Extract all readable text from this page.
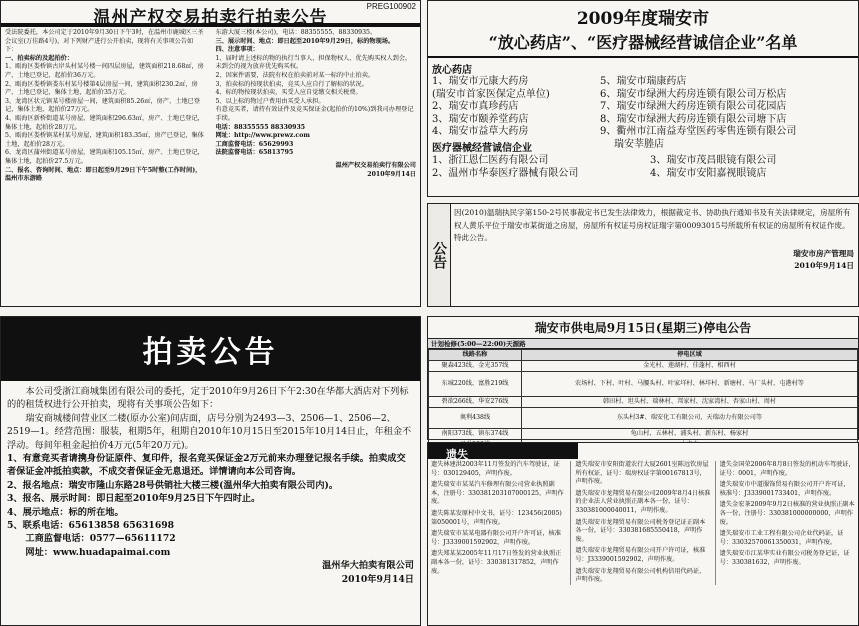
PREG100902
温州产权交易拍卖行拍卖公告
受法院委托，本公司定于2010年9月30日下午3时，在温州市鹿城区三圣会议室(万佳路4号)，对下列财产进行公开拍卖，现将有关事项公告如下：
一、拍卖标的及起拍价：
1、瓯海区娄桥镇古岸头村某号楼一间四层房屋，建筑面积218.68㎡，房产、土地已登记，起拍价36万元。
2、瓯海区娄桥镇娄东村某号楼第4层房屋一间，建筑面积230.2㎡，房产、土地已登记，集体土地，起拍价35万元。
3、龙湾区状元镇某号楼房屋一间，建筑面积85.26㎡，房产、土地已登记，集体土地，起拍价27万元。
4、瓯海区新桥街道某号房屋，建筑面积296.63㎡，房产、土地已登记，集体土地，起拍价28万元。
5、瓯海区娄桥镇某村某号房屋，建筑面积183.35㎡，房产已登记，集体土地，起拍价28万元。
6、龙湾区蒲州街道某号房屋，建筑面积105.15㎡，房产、土地已登记，集体土地，起拍价27.5万元。
二、报名、咨询时间、地点：即日起至9月29日下午5时整(工作时间)，温州市东游路
东游大厦三楼(本公司)，电话：88355555、88330935。
三、展示时间、地点：即日起至2010年9月29日，标的物现场。
四、注意事项：
1、届时请上述标的物的执行当事人、担保物权人、优先购买权人到会，未到会的视为放弃优先购买权。
2、因案件需要，法院有权在拍卖前对某一标的中止拍卖。
3、拍卖标的按现状拍卖，竞买人应自行了解标的状况。
4、标的物按现状拍卖，买受人应自觉缴交相关税费。
5、以上标的物过户费用由买受人承担。
有意竞买者，请持有效证件及竞买保证金(起拍价的10%)到我司办理登记手续。
电话：88355555 88330935
网址：http://www.prewz.com
工商监督电话：65629993
法院监督电话：65813795
温州产权交易拍卖行有限公司
2010年9月14日
2009年度瑞安市
“放心药店”、“医疗器械经营诚信企业”名单
放心药店
1、瑞安市元康大药房
(瑞安市首家医保定点单位)
2、瑞安市真珍药店
3、瑞安市颐养堂药店
4、瑞安市益草大药房
5、瑞安市瑞康药店
6、瑞安市绿洲大药房连锁有限公司万松店
7、瑞安市绿洲大药房连锁有限公司花园店
8、瑞安市绿洲大药房连锁有限公司塘下店
9、衢州市江南益寿堂医药零售连锁有限公司
瑞安莘塍店
医疗器械经营诚信企业
1、浙江恩仁医药有限公司
2、温州市华泰医疗器械有限公司
3、瑞安市茂昌眼镜有限公司
4、瑞安市安阳嘉视眼镜店
公告
因(2010)温瑞执民字第150-2号民事裁定书已发生法律效力，根据裁定书、协助执行通知书及有关法律规定，房屋所有权人黄乐平位于瑞安市某街道之房屋，房屋所有权证号房权证瑞字第00093015号所载所有权证的房屋所有权证作废。特此公告。
瑞安市房产管理局
2010年9月14日
拍卖公告
本公司受浙江商城集团有限公司的委托，定于2010年9月26日下午2:30在华都大酒店对下列标的的租赁权进行公开拍卖，现将有关事项公告如下：
瑞安商城楼间营业区二楼(原办公室)间店面，店号分别为2493—3、2506—1、2506—2、2519—1。经营范围：服装，租期5年，租期自2010年10月15日至2015年10月14日止，年租金不浮动。每间年租金起拍价4万元(5年20万元)。
1、有意竞买者请携身份证原件、复印件，报名竞买保证金2万元前来办理登记报名手续。拍卖成交者保证金冲抵拍卖款，不成交者保证金无息退还。详情请向本公司咨询。
2、报名地点：瑞安市隆山东路28号供销社大楼三楼(温州华大拍卖有限公司内)。
3、报名、展示时间：即日起至2010年9月25日下午四时止。
4、展示地点：标的所在地。
5、联系电话：65613858 65631698
工商监督电话：0577—65611172
网址：www.huadapaimai.com
温州华大拍卖有限公司
2010年9月14日
瑞安市供电局9月15日(星期三)停电公告
计划检修(5:00—22:00)天源路
线路名称	停电区域
聚森423线、金光357线	金光村、莲湖村、佳蓬村、相西村
东城220线、富胜219线	农场村、下村、叶村、马腰头村、叶家垟村、林垟村、新塘村、马厂头村、屯港村等
碧欲266线、华安276线	韩田村、坦头村、瑞林村、邦家村、沈家湾村、杏家山村、周村
奥利438线	东头村3#、瑞安化工有限公司、天瑞动力有限公司等
南阳373线、镇东374线	龟山村、五林村、浦头村、新东村、杨家村

遗失
遗失林建洪2003年11月签发的汽车驾驶证，证号：030129405，声明作废。
遗失瑞安市某某汽车修理有限公司营业执照副本，注册号：330381203107000125，声明作废。
遗失陈某发原村中文书，证号：123456(2005)第050001号，声明作废。
遗失瑞安市某某电器有限公司开户许可证，核准号：J3339001592902，声明作废。
遗失郑某某2005年11月17日签发的营业执照正副本各一份，证号：330381317852，声明作废。
遗失瑞安市安阳街道农行大厦2601室陈远钦房屋所有权证，证号：瑞房权证字第00167813号，声明作废。
遗失瑞安市龙翔贸易有限公司2009年8月4日核准的企业法人营业执照正副本各一份，证号：330381000040011，声明作废。
遗失瑞安市龙翔贸易有限公司税务登记证正副本各一份，证号：330381685550418，声明作废。
遗失瑞安市龙翔贸易有限公司开户许可证，核准号：J3339001592902，声明作废。
遗失瑞安市龙翔贸易有限公司机构信用代码证，声明作废。
遗失金国荣2006年8月8日签发的机动车驾驶证，证号：0001，声明作废。
遗失瑞安市中道服饰贸易有限公司开户许可证，核准号：J3339001733401，声明作废。
遗失金宏茶2009年9月2日核准的营业执照正副本各一份，注册号：330381000000000，声明作废。
遗失瑞安市工业工程有限公司企业代码证，证号：33032570061350031，声明作废。
遗失瑞安市江某华实业有限公司税务登记证，证号：330381632，声明作废。
